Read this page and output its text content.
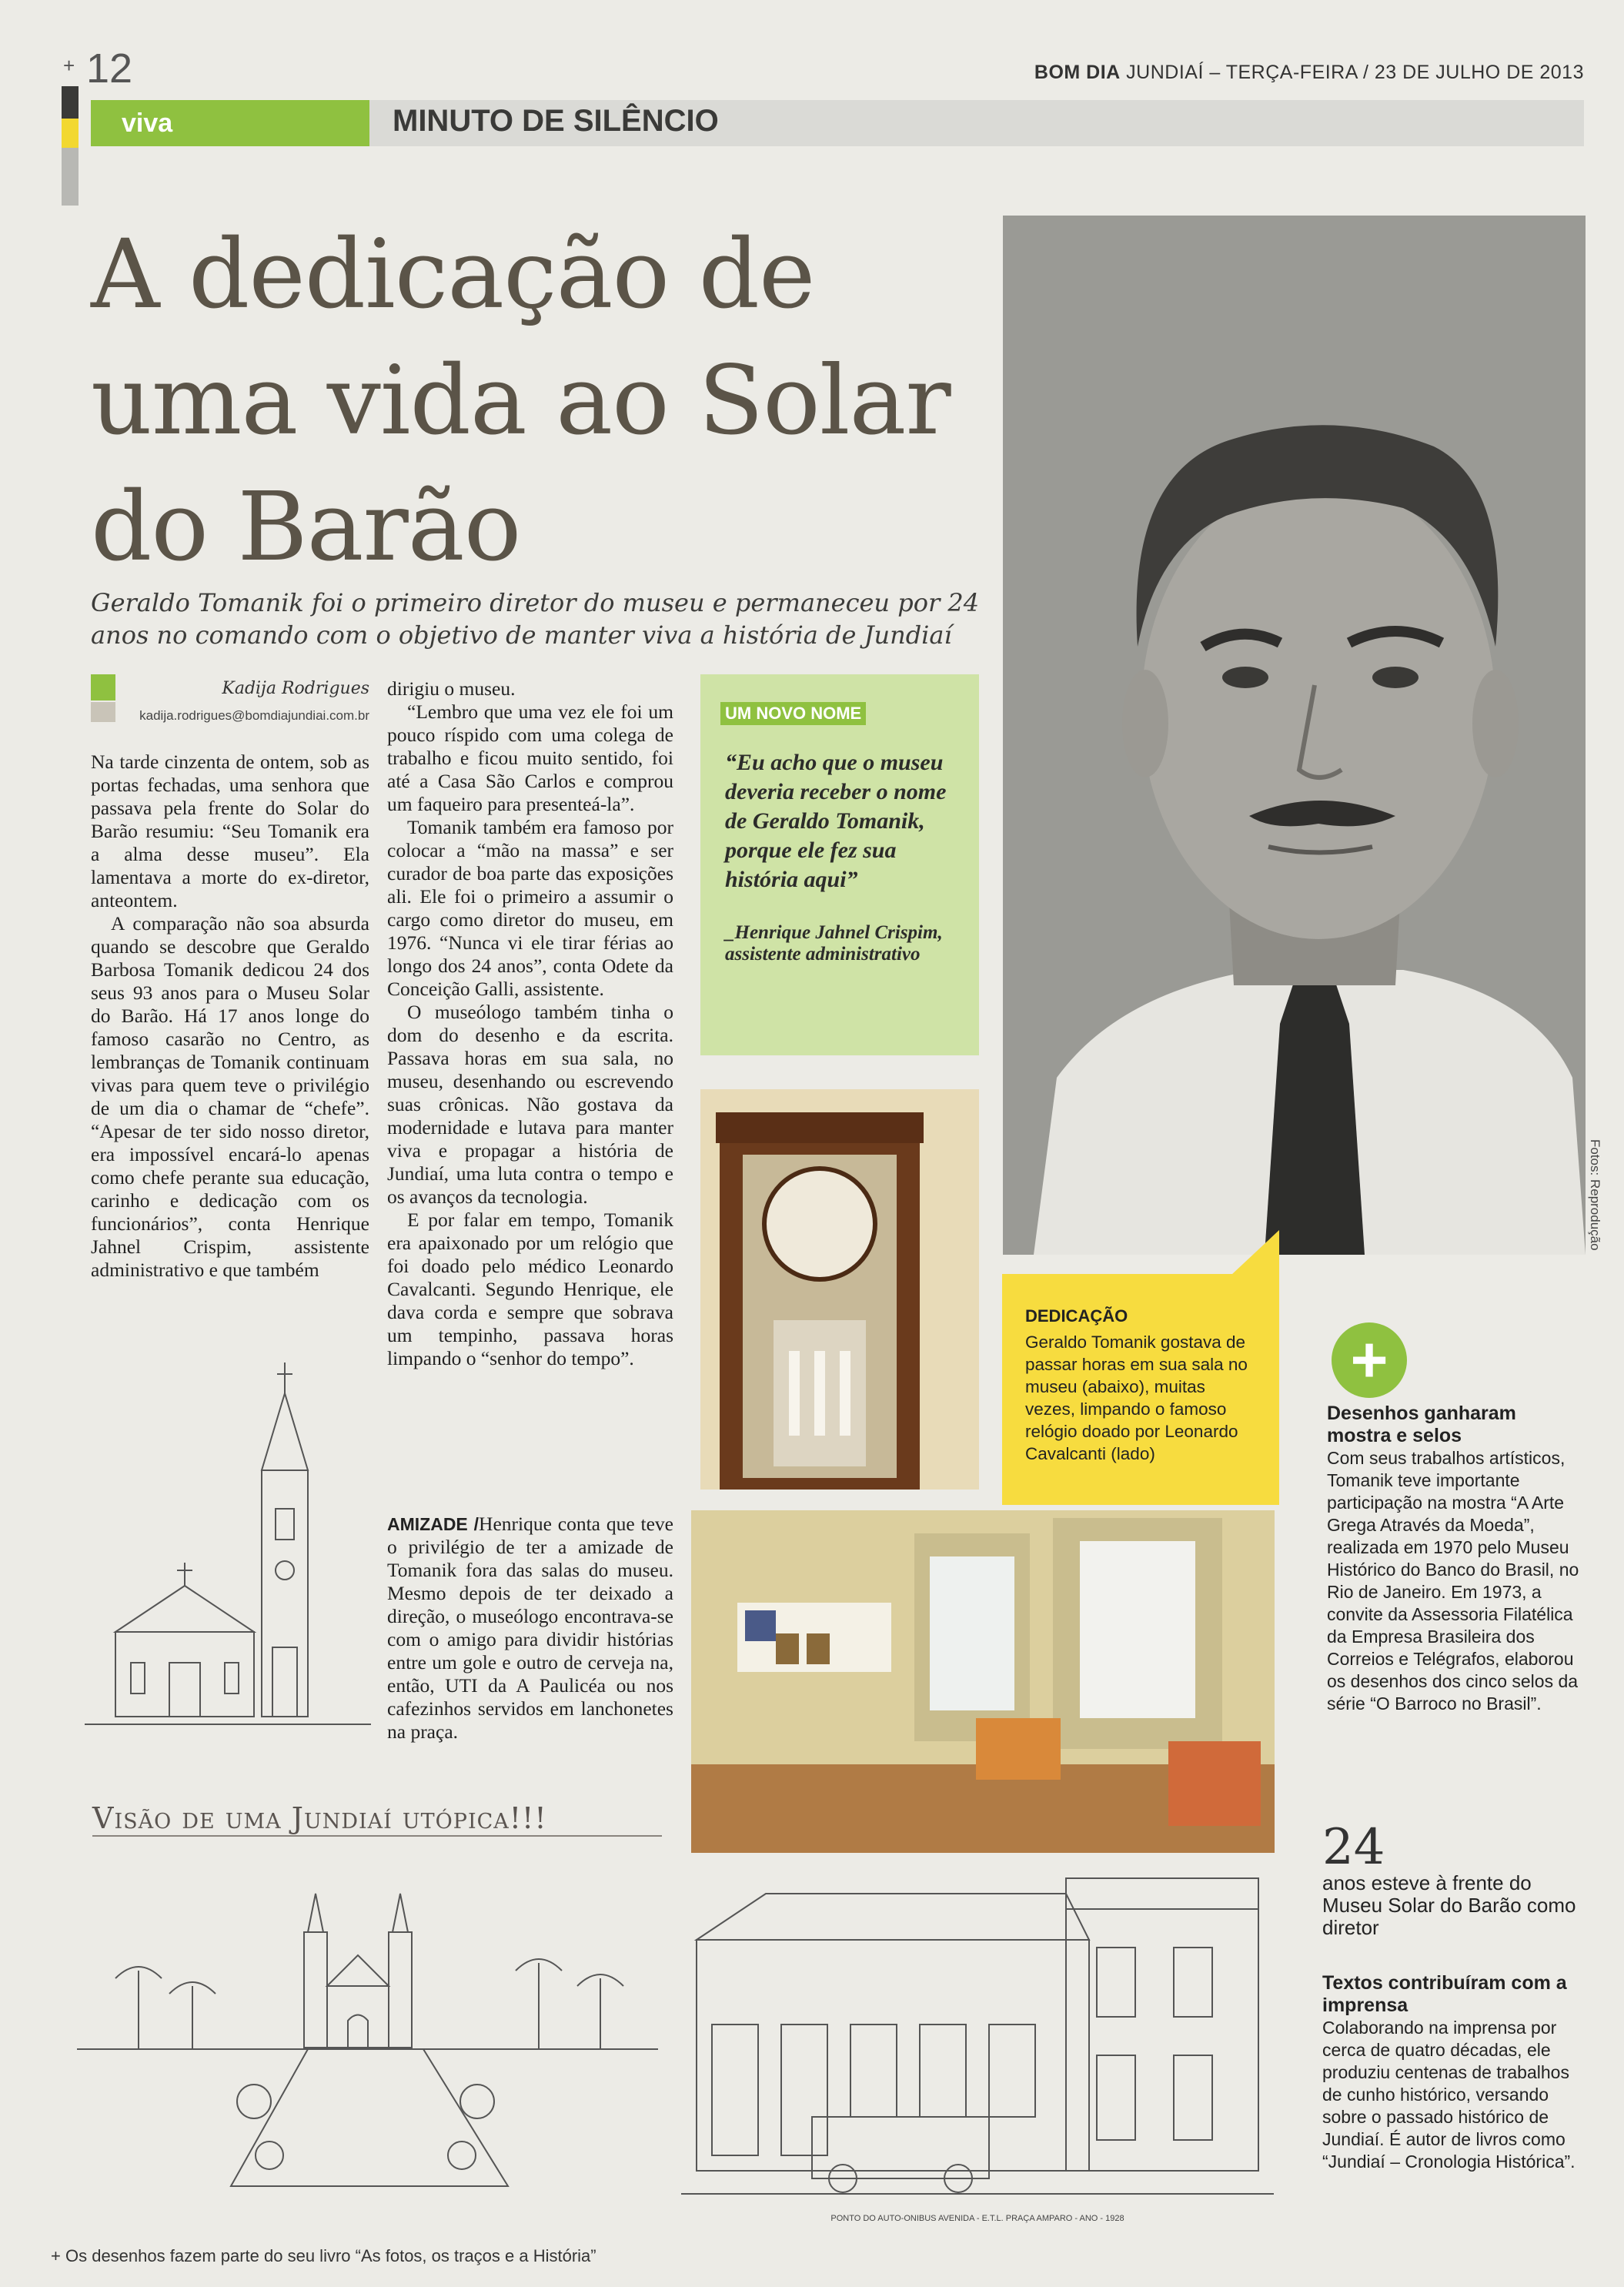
+ 12	BOM DIA JUNDIAÍ – TERÇA-FEIRA / 23 DE JULHO DE 2013
viva	MINUTO DE SILÊNCIO
A dedicação de uma vida ao Solar do Barão

Geraldo Tomanik foi o primeiro diretor do museu e permaneceu por 24 anos no comando com o objetivo de manter viva a história de Jundiaí

Kadija Rodrigues
kadija.rodrigues@bomdiajundiai.com.br

Na tarde cinzenta de ontem, sob as portas fechadas, uma senhora que passava pela frente do Solar do Barão resumiu: “Seu Tomanik era a alma desse museu”. Ela lamentava a morte do ex-diretor, anteontem.

A comparação não soa absurda quando se descobre que Geraldo Barbosa Tomanik dedicou 24 dos seus 93 anos para o Museu Solar do Barão. Há 17 anos longe do famoso casarão no Centro, as lembranças de Tomanik continuam vivas para quem teve o privilégio de um dia o chamar de “chefe”. “Apesar de ter sido nosso diretor, era impossível encará-lo apenas como chefe perante sua educação, carinho e dedicação com os funcionários”, conta Henrique Jahnel Crispim, assistente administrativo e que também

dirigiu o museu.

“Lembro que uma vez ele foi um pouco ríspido com uma colega de trabalho e ficou muito sentido, foi até a Casa São Carlos e comprou um faqueiro para presenteá-la”.

Tomanik também era famoso por colocar a “mão na massa” e ser curador de boa parte das exposições ali. Ele foi o primeiro a assumir o cargo como diretor do museu, em 1976. “Nunca vi ele tirar férias ao longo dos 24 anos”, conta Odete da Conceição Galli, assistente.

O museólogo também tinha o dom do desenho e da escrita. Passava horas em sua sala, no museu, desenhando ou escrevendo suas crônicas. Não gostava da modernidade e lutava para manter viva e propagar a história de Jundiaí, uma luta contra o tempo e os avanços da tecnologia.

E por falar em tempo, Tomanik era apaixonado por um relógio que foi doado pelo médico Leonardo Cavalcanti. Segundo Henrique, ele dava corda e sempre que sobrava um tempinho, passava horas limpando o “senhor do tempo”.

AMIZADE /Henrique conta que teve o privilégio de ter a amizade de Tomanik fora das salas do museu. Mesmo depois de ter deixado a direção, o museólogo encontrava-se com o amigo para dividir histórias entre um gole e outro de cerveja na, então, UTI da A Paulicéa ou nos cafezinhos servidos em lanchonetes na praça.

UM NOVO NOME
“Eu acho que o museu deveria receber o nome de Geraldo Tomanik, porque ele fez sua história aqui”
_Henrique Jahnel Crispim, assistente administrativo
Fotos: Reprodução
DEDICAÇÃO
Geraldo Tomanik gostava de passar horas em sua sala no museu (abaixo), muitas vezes, limpando o famoso relógio doado por Leonardo Cavalcanti (lado)
+
Desenhos ganharam mostra e selos
Com seus trabalhos artísticos, Tomanik teve importante participação na mostra “A Arte Grega Através da Moeda”, realizada em 1970 pelo Museu Histórico do Banco do Brasil, no Rio de Janeiro. Em 1973, a convite da Assessoria Filatélica da Empresa Brasileira dos Correios e Telégrafos, elaborou os desenhos dos cinco selos da série “O Barroco no Brasil”.
24
anos esteve à frente do Museu Solar do Barão como diretor
Textos contribuíram com a imprensa
Colaborando na imprensa por cerca de quatro décadas, ele produziu centenas de trabalhos de cunho histórico, versando sobre o passado histórico de Jundiaí. É autor de livros como “Jundiaí – Cronologia Histórica”.
Visão de uma Jundiaí utópica!!!
PONTO DO AUTO-ONIBUS AVENIDA - E.T.L. PRAÇA AMPARO - ANO - 1928
+ Os desenhos fazem parte do seu livro “As fotos, os traços e a História”
